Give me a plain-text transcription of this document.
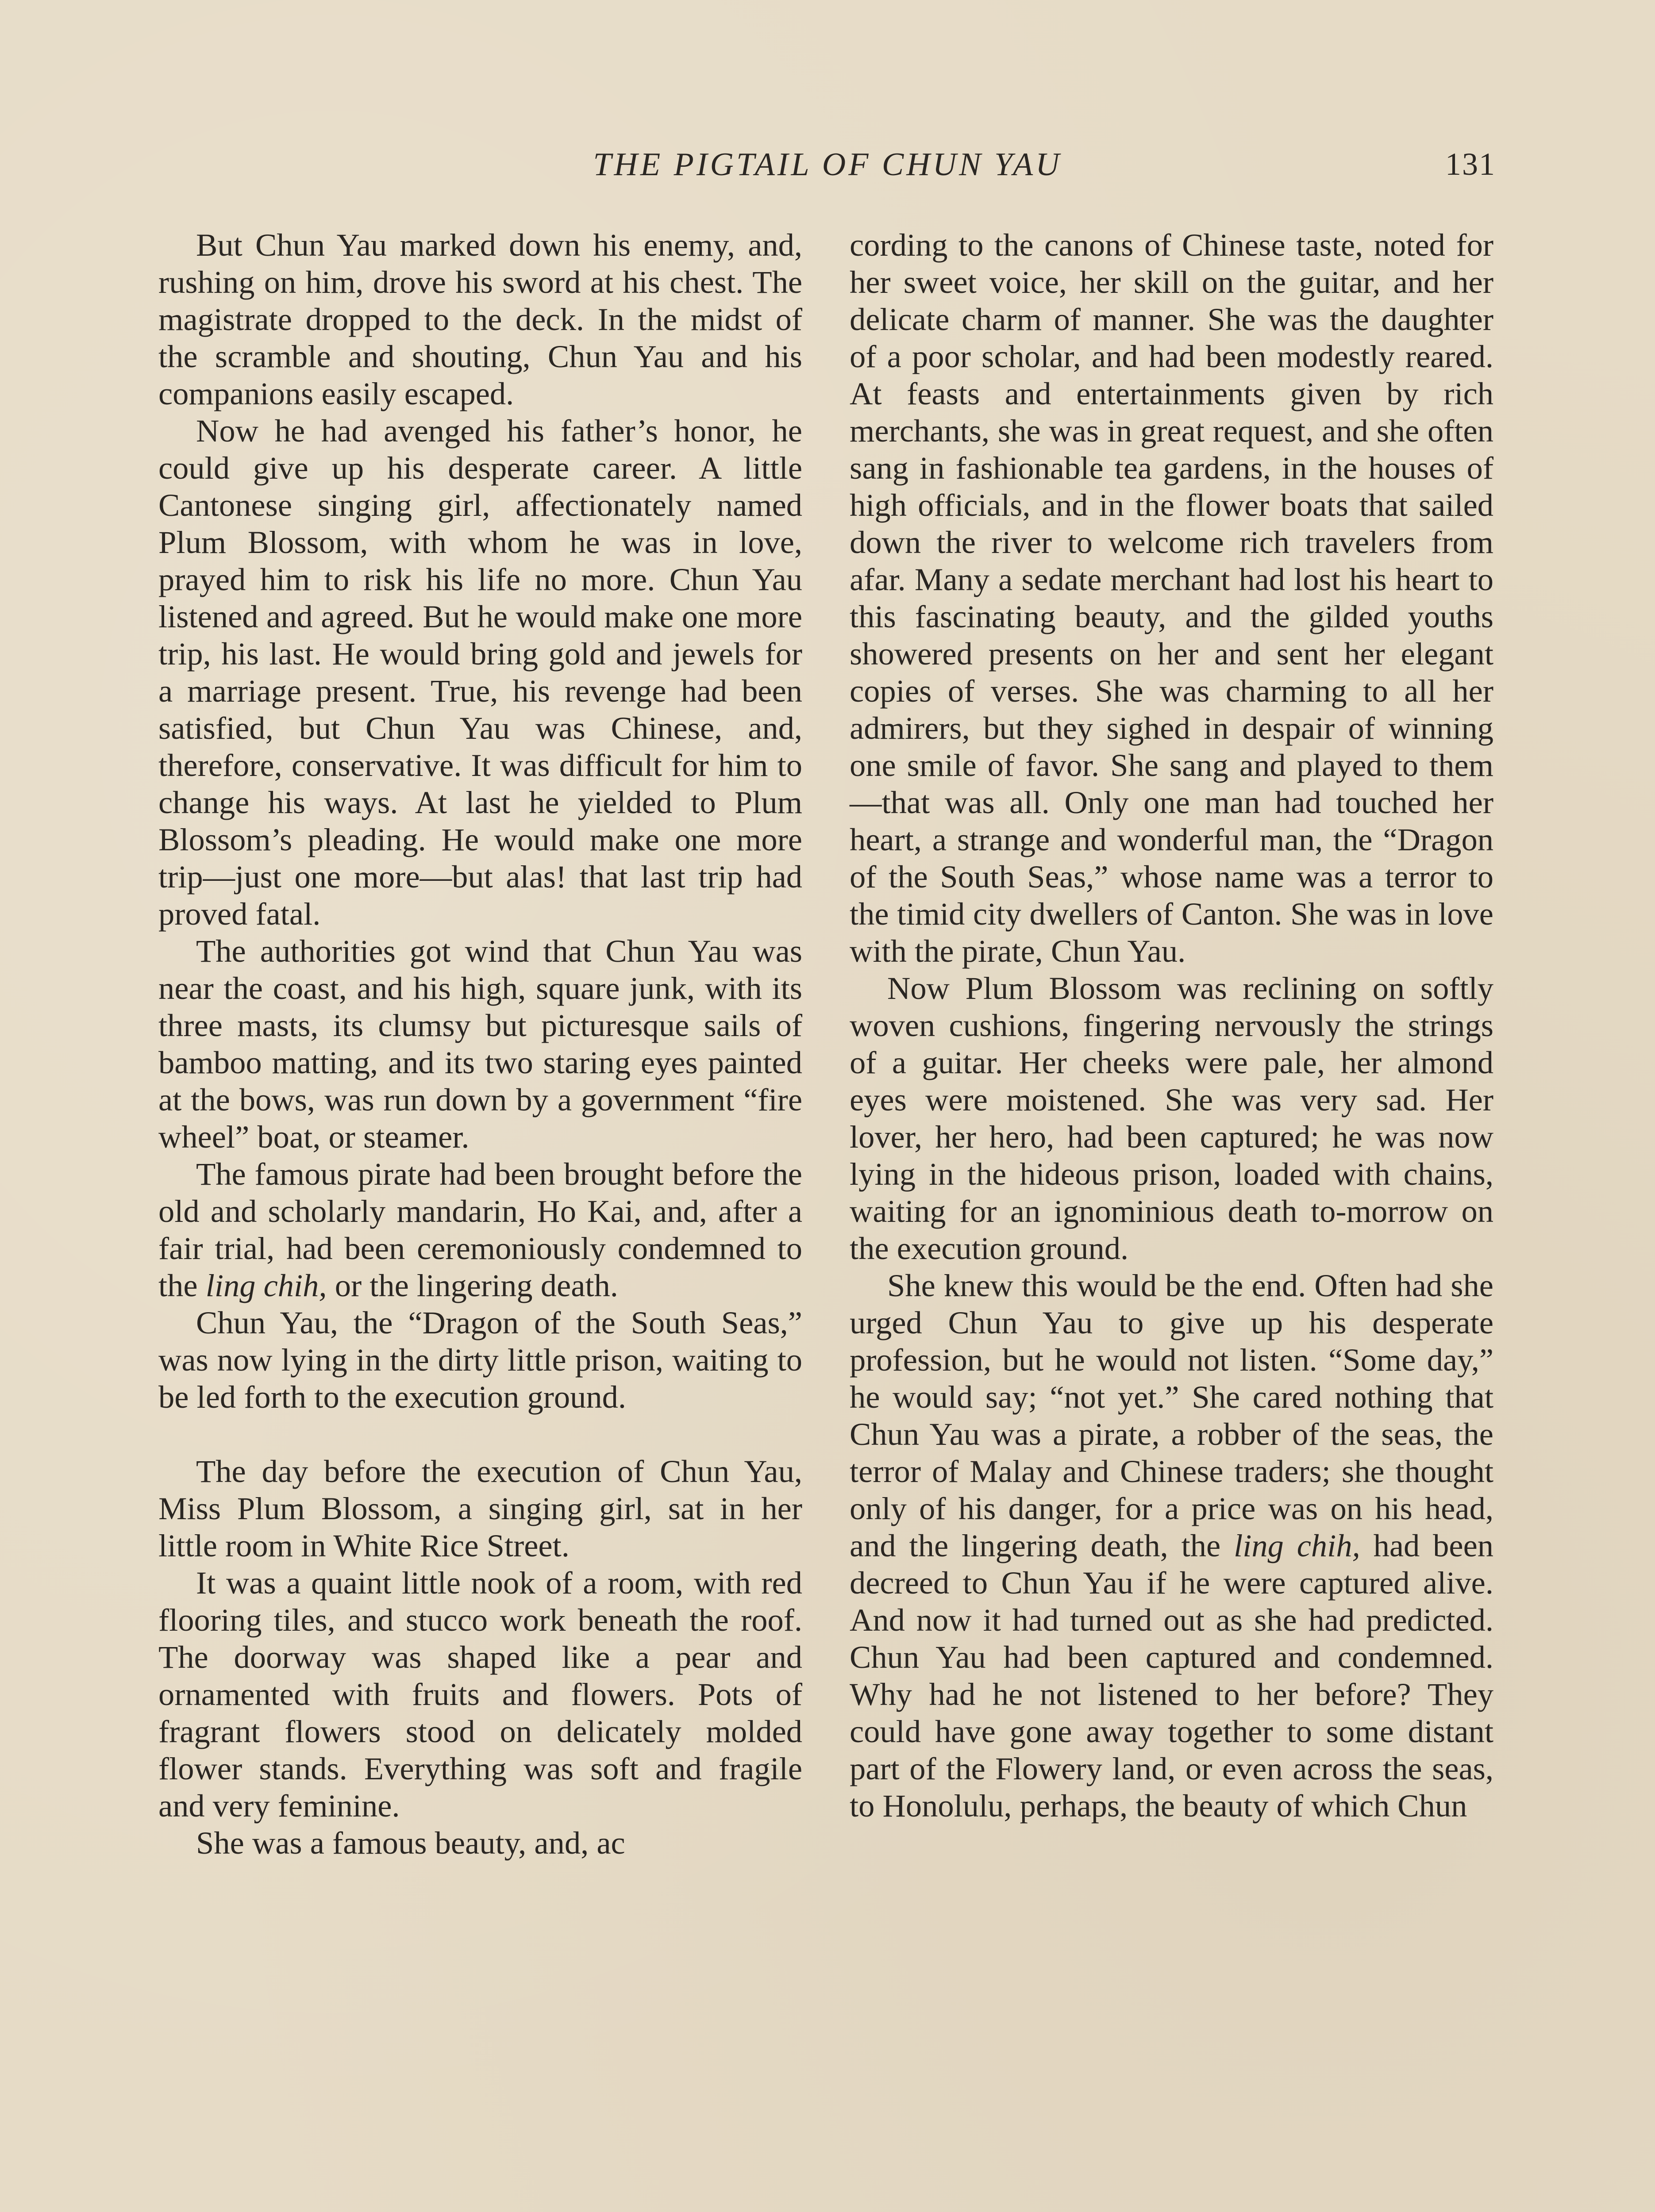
THE PIGTAIL OF CHUN YAU	131

But Chun Yau marked down his enemy, and, rushing on him, drove his sword at his chest. The magistrate dropped to the deck. In the midst of the scramble and shouting, Chun Yau and his companions easily escaped.

Now he had avenged his father’s honor, he could give up his desperate career. A little Cantonese singing girl, affectionately named Plum Blossom, with whom he was in love, prayed him to risk his life no more. Chun Yau listened and agreed. But he would make one more trip, his last. He would bring gold and jewels for a marriage present. True, his revenge had been satisfied, but Chun Yau was Chinese, and, therefore, conservative. It was difficult for him to change his ways. At last he yielded to Plum Blossom’s pleading. He would make one more trip—just one more—but alas! that last trip had proved fatal.

The authorities got wind that Chun Yau was near the coast, and his high, square junk, with its three masts, its clumsy but picturesque sails of bamboo matting, and its two staring eyes painted at the bows, was run down by a government “fire wheel” boat, or steamer.

The famous pirate had been brought before the old and scholarly mandarin, Ho Kai, and, after a fair trial, had been ceremoniously condemned to the ling chih, or the lingering death.

Chun Yau, the “Dragon of the South Seas,” was now lying in the dirty little prison, waiting to be led forth to the execution ground.

The day before the execution of Chun Yau, Miss Plum Blossom, a singing girl, sat in her little room in White Rice Street.

It was a quaint little nook of a room, with red flooring tiles, and stucco work beneath the roof. The doorway was shaped like a pear and ornamented with fruits and flowers. Pots of fragrant flowers stood on delicately molded flower stands. Everything was soft and fragile and very feminine.

She was a famous beauty, and, ac

cording to the canons of Chinese taste, noted for her sweet voice, her skill on the guitar, and her delicate charm of manner. She was the daughter of a poor scholar, and had been modestly reared. At feasts and entertainments given by rich merchants, she was in great request, and she often sang in fashionable tea gardens, in the houses of high officials, and in the flower boats that sailed down the river to welcome rich travelers from afar. Many a sedate merchant had lost his heart to this fascinating beauty, and the gilded youths showered presents on her and sent her elegant copies of verses. She was charming to all her admirers, but they sighed in despair of winning one smile of favor. She sang and played to them—that was all. Only one man had touched her heart, a strange and wonderful man, the “Dragon of the South Seas,” whose name was a terror to the timid city dwellers of Canton. She was in love with the pirate, Chun Yau.

Now Plum Blossom was reclining on softly woven cushions, fingering nervously the strings of a guitar. Her cheeks were pale, her almond eyes were moistened. She was very sad. Her lover, her hero, had been captured; he was now lying in the hideous prison, loaded with chains, waiting for an ignominious death to-morrow on the execution ground.

She knew this would be the end. Often had she urged Chun Yau to give up his desperate profession, but he would not listen. “Some day,” he would say; “not yet.” She cared nothing that Chun Yau was a pirate, a robber of the seas, the terror of Malay and Chinese traders; she thought only of his danger, for a price was on his head, and the lingering death, the ling chih, had been decreed to Chun Yau if he were captured alive. And now it had turned out as she had predicted. Chun Yau had been captured and condemned. Why had he not listened to her before? They could have gone away together to some distant part of the Flowery land, or even across the seas, to Honolulu, perhaps, the beauty of which Chun
